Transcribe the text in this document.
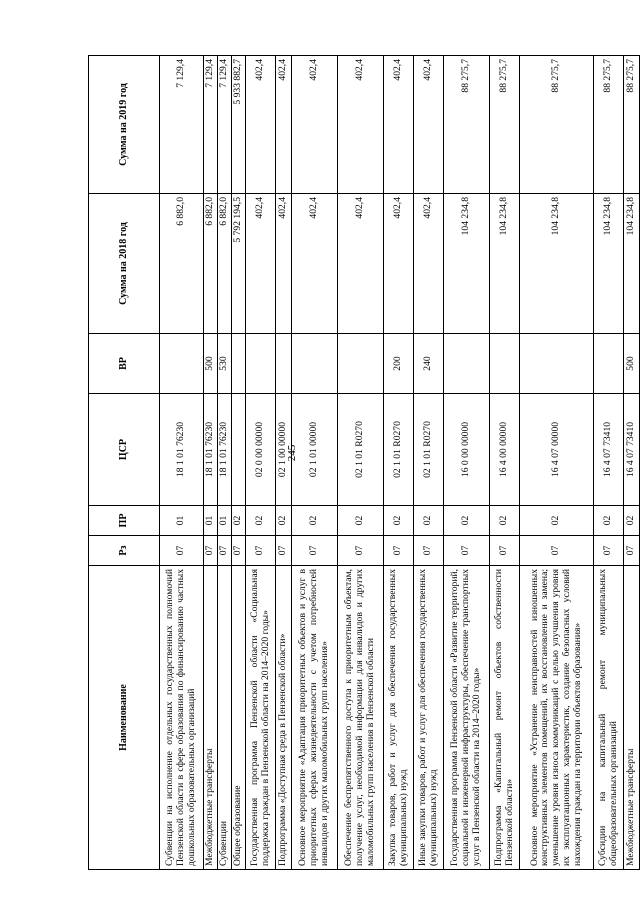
245
Наименование	Рз	ПР	ЦСР	ВР	Сумма на 2018 год	Сумма на 2019 год
Субвенции на исполнение отдельных государственных полномочий Пензенской области в сфере образования по финансированию частных дошкольных образовательных организаций	07	01	18 1 01 76230		6 882,0	7 129,4
Межбюджетные трансферты	07	01	18 1 01 76230	500	6 882,0	7 129,4
Субвенции	07	01	18 1 01 76230	530	6 882,0	7 129,4
Общее образование	07	02			5 792 194,5	5 933 882,7
Государственная программа Пензенской области «Социальная поддержка граждан в Пензенской области на 2014–2020 годы»	07	02	02 0 00 00000		402,4	402,4
Подпрограмма «Доступная среда в Пензенской области»	07	02	02 1 00 00000		402,4	402,4
Основное мероприятие «Адаптация приоритетных объектов и услуг в приоритетных сферах жизнедеятельности с учетом потребностей инвалидов и других маломобильных групп населения»	07	02	02 1 01 00000		402,4	402,4
Обеспечение беспрепятственного доступа к приоритетным объектам, получение услуг, необходимой информации для инвалидов и других маломобильных групп населения в Пензенской области	07	02	02 1 01 R0270		402,4	402,4
Закупка товаров, работ и услуг для обеспечения государственных (муниципальных) нужд	07	02	02 1 01 R0270	200	402,4	402,4
Иные закупки товаров, работ и услуг для обеспечения государственных (муниципальных) нужд	07	02	02 1 01 R0270	240	402,4	402,4
Государственная программа Пензенской области «Развитие территорий, социальной и инженерной инфраструктуры, обеспечение транспортных услуг в Пензенской области на 2014–2020 годы»	07	02	16 0 00 00000		104 234,8	88 275,7
Подпрограмма «Капитальный ремонт объектов собственности Пензенской области»	07	02	16 4 00 00000		104 234,8	88 275,7
Основное мероприятие «Устранение неисправностей изношенных конструктивных элементов помещений, их восстановление и замена; уменьшение уровня износа коммуникаций с целью улучшения уровня их эксплуатационных характеристик, создание безопасных условий нахождения граждан на территории объектов образования»	07	02	16 4 07 00000		104 234,8	88 275,7
Субсидии на капитальный ремонт муниципальных общеобразовательных организаций	07	02	16 4 07 73410		104 234,8	88 275,7
Межбюджетные трансферты	07	02	16 4 07 73410	500	104 234,8	88 275,7
